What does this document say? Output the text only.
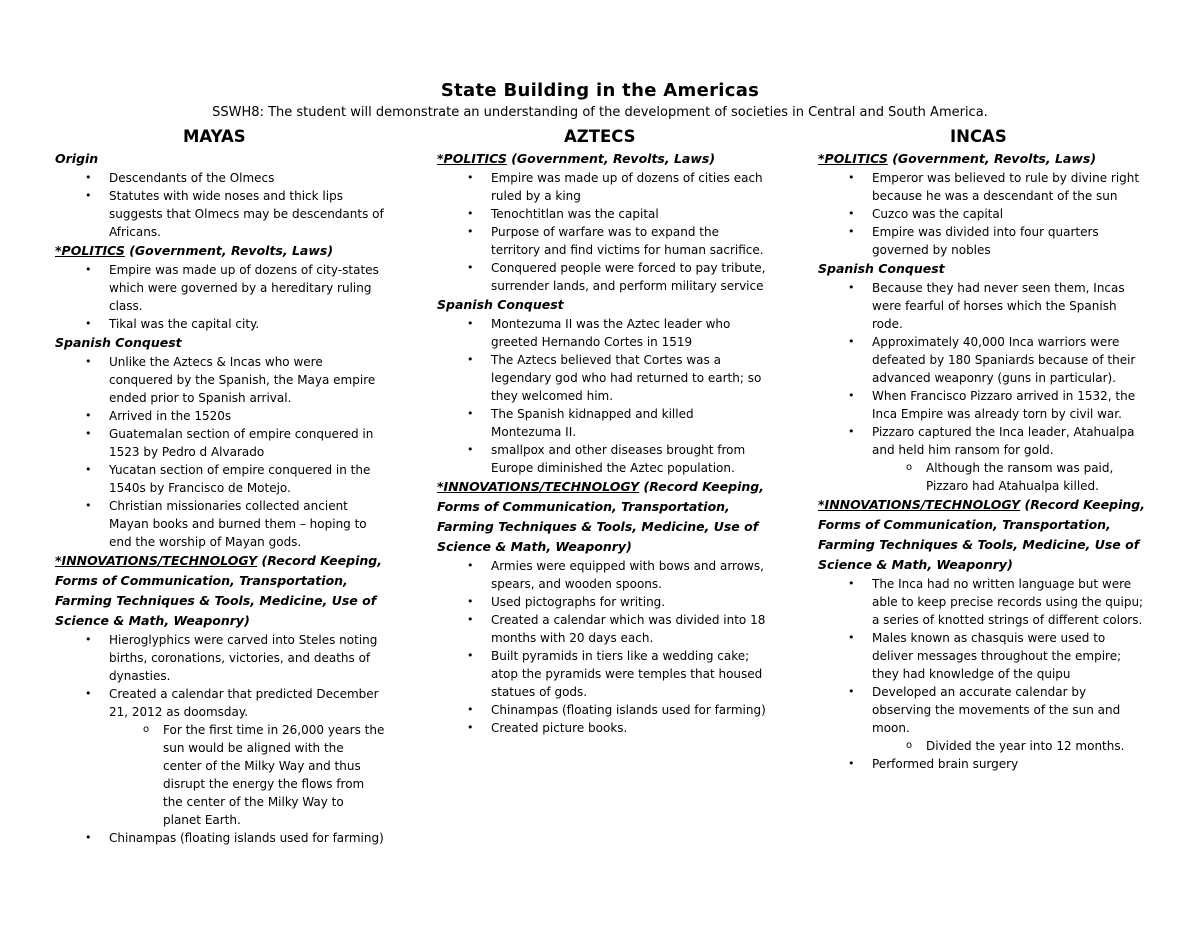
State Building in the Americas
SSWH8: The student will demonstrate an understanding of the development of societies in Central and South America.
MAYAS
Origin
• Descendants of the Olmecs
• Statutes with wide noses and thick lips suggests that Olmecs may be descendants of Africans.
*POLITICS (Government, Revolts, Laws)
• Empire was made up of dozens of city-states which were governed by a hereditary ruling class.
• Tikal was the capital city.
Spanish Conquest
• Unlike the Aztecs & Incas who were conquered by the Spanish, the Maya empire ended prior to Spanish arrival.
• Arrived in the 1520s
• Guatemalan section of empire conquered in 1523 by Pedro d Alvarado
• Yucatan section of empire conquered in the 1540s by Francisco de Motejo.
• Christian missionaries collected ancient Mayan books and burned them – hoping to end the worship of Mayan gods.
*INNOVATIONS/TECHNOLOGY (Record Keeping, Forms of Communication, Transportation, Farming Techniques & Tools, Medicine, Use of Science & Math, Weaponry)
• Hieroglyphics were carved into Steles noting births, coronations, victories, and deaths of dynasties.
• Created a calendar that predicted December 21, 2012 as doomsday.
o For the first time in 26,000 years the sun would be aligned with the center of the Milky Way and thus disrupt the energy the flows from the center of the Milky Way to planet Earth.
• Chinampas (floating islands used for farming)
AZTECS
*POLITICS (Government, Revolts, Laws)
• Empire was made up of dozens of cities each ruled by a king
• Tenochtitlan was the capital
• Purpose of warfare was to expand the territory and find victims for human sacrifice.
• Conquered people were forced to pay tribute, surrender lands, and perform military service
Spanish Conquest
• Montezuma II was the Aztec leader who greeted Hernando Cortes in 1519
• The Aztecs believed that Cortes was a legendary god who had returned to earth; so they welcomed him.
• The Spanish kidnapped and killed Montezuma II.
• smallpox and other diseases brought from Europe diminished the Aztec population.
*INNOVATIONS/TECHNOLOGY (Record Keeping, Forms of Communication, Transportation, Farming Techniques & Tools, Medicine, Use of Science & Math, Weaponry)
• Armies were equipped with bows and arrows, spears, and wooden spoons.
• Used pictographs for writing.
• Created a calendar which was divided into 18 months with 20 days each.
• Built pyramids in tiers like a wedding cake; atop the pyramids were temples that housed statues of gods.
• Chinampas (floating islands used for farming)
• Created picture books.
INCAS
*POLITICS (Government, Revolts, Laws)
• Emperor was believed to rule by divine right because he was a descendant of the sun
• Cuzco was the capital
• Empire was divided into four quarters governed by nobles
Spanish Conquest
• Because they had never seen them, Incas were fearful of horses which the Spanish rode.
• Approximately 40,000 Inca warriors were defeated by 180 Spaniards because of their advanced weaponry (guns in particular).
• When Francisco Pizzaro arrived in 1532, the Inca Empire was already torn by civil war.
• Pizzaro captured the Inca leader, Atahualpa and held him ransom for gold.
o Although the ransom was paid, Pizzaro had Atahualpa killed.
*INNOVATIONS/TECHNOLOGY (Record Keeping, Forms of Communication, Transportation, Farming Techniques & Tools, Medicine, Use of Science & Math, Weaponry)
• The Inca had no written language but were able to keep precise records using the quipu; a series of knotted strings of different colors.
• Males known as chasquis were used to deliver messages throughout the empire; they had knowledge of the quipu
• Developed an accurate calendar by observing the movements of the sun and moon.
o Divided the year into 12 months.
• Performed brain surgery
